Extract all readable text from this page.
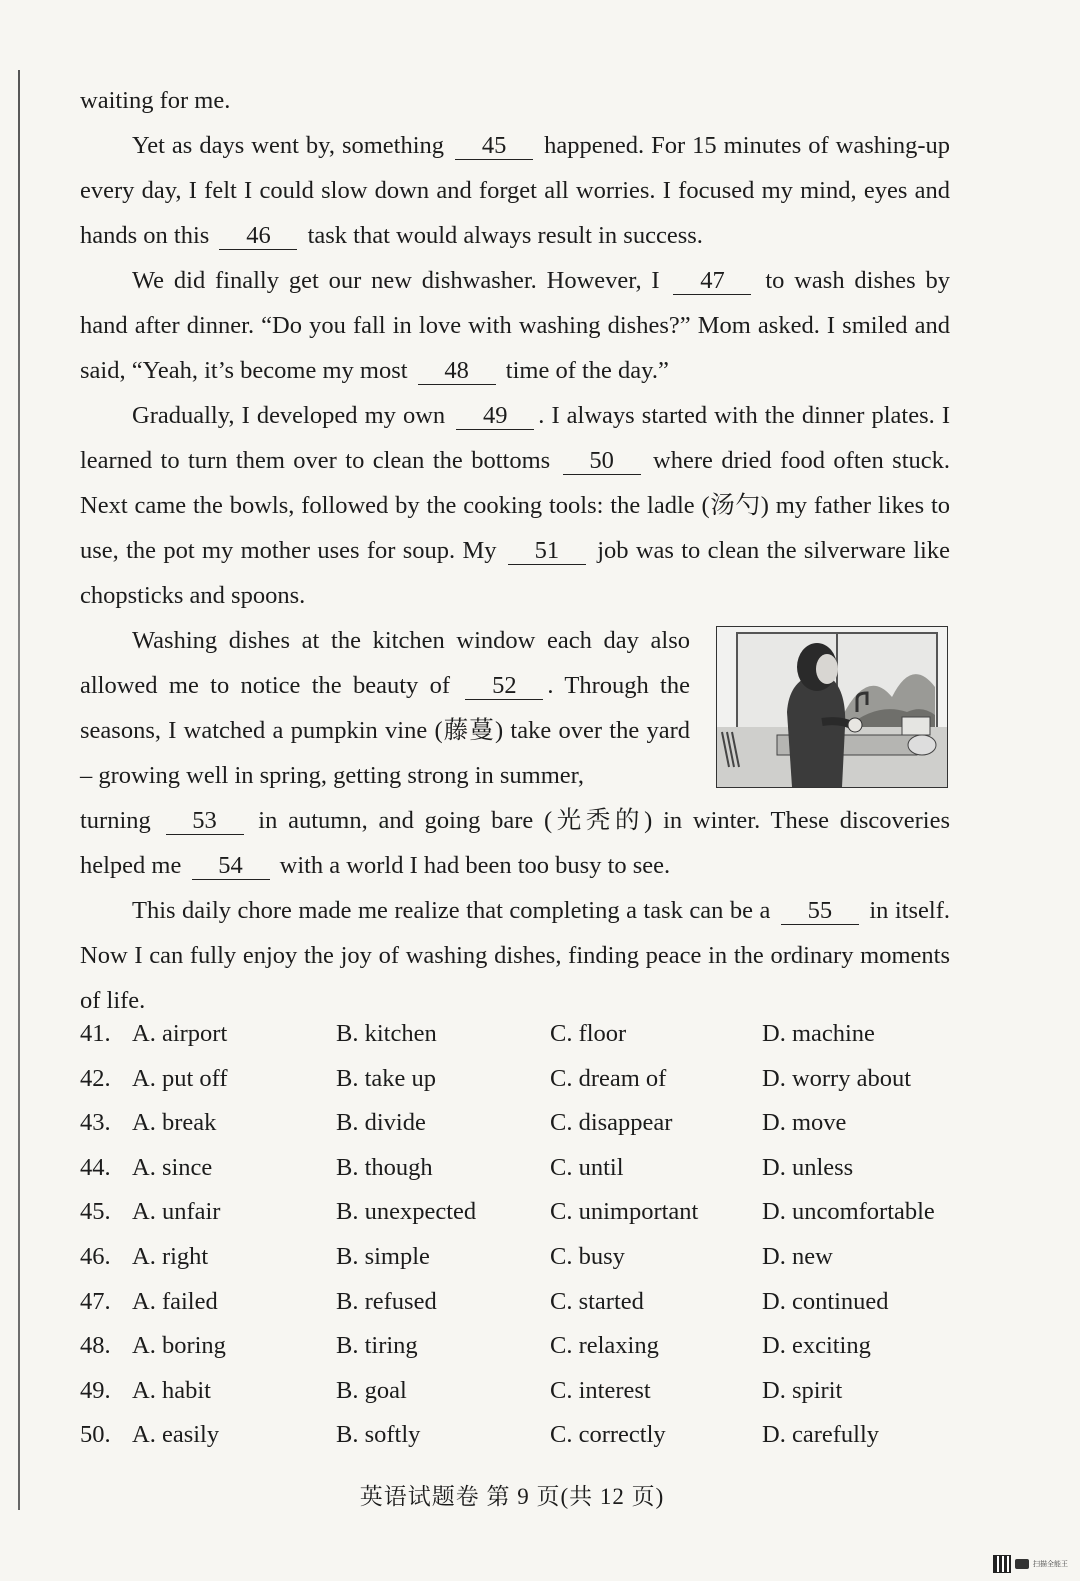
waiting for me.

Yet as days went by, something 45 happened. For 15 minutes of washing-up every day, I felt I could slow down and forget all worries. I focused my mind, eyes and hands on this 46 task that would always result in success.

We did finally get our new dishwasher. However, I 47 to wash dishes by hand after dinner. “Do you fall in love with washing dishes?” Mom asked. I smiled and said, “Yeah, it’s become my most 48 time of the day.”

Gradually, I developed my own 49 . I always started with the dinner plates. I learned to turn them over to clean the bottoms 50 where dried food often stuck. Next came the bowls, followed by the cooking tools: the ladle (汤勺) my father likes to use, the pot my mother uses for soup. My 51 job was to clean the silverware like chopsticks and spoons.

Washing dishes at the kitchen window each day also allowed me to notice the beauty of 52 . Through the seasons, I watched a pumpkin vine (藤蔓) take over the yard – growing well in spring, getting strong in summer,

turning 53 in autumn, and going bare (光秃的) in winter. These discoveries helped me 54 with a world I had been too busy to see.

This daily chore made me realize that completing a task can be a 55 in itself. Now I can fully enjoy the joy of washing dishes, finding peace in the ordinary moments of life.

41. A. airport	B. kitchen	C. floor	D. machine
42. A. put off	B. take up	C. dream of	D. worry about
43. A. break	B. divide	C. disappear	D. move
44. A. since	B. though	C. until	D. unless
45. A. unfair	B. unexpected	C. unimportant	D. uncomfortable
46. A. right	B. simple	C. busy	D. new
47. A. failed	B. refused	C. started	D. continued
48. A. boring	B. tiring	C. relaxing	D. exciting
49. A. habit	B. goal	C. interest	D. spirit
50. A. easily	B. softly	C. correctly	D. carefully
英语试题卷 第 9 页(共 12 页)
扫描全能王
